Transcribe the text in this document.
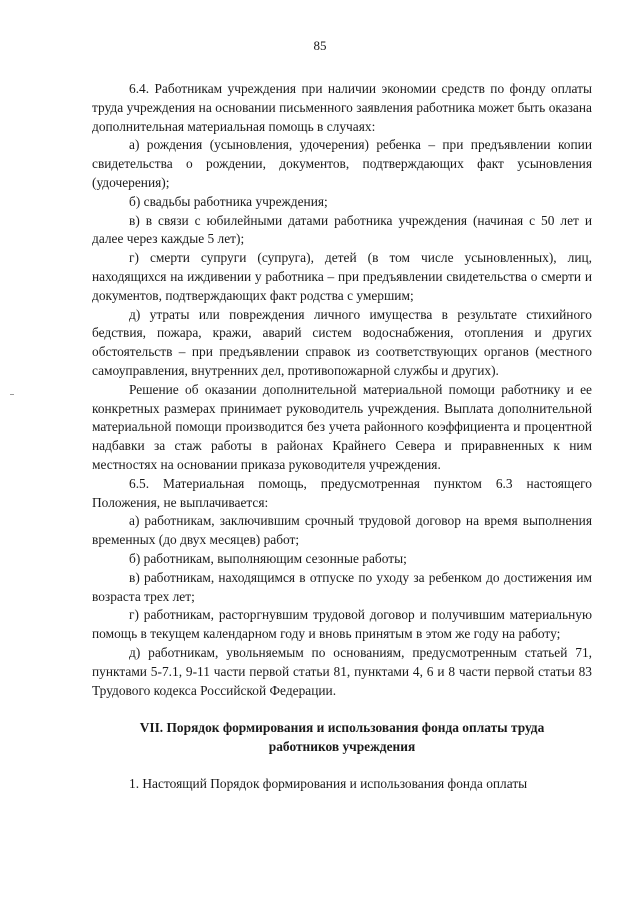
85

6.4. Работникам учреждения при наличии экономии средств по фонду оплаты труда учреждения на основании письменного заявления работника может быть оказана дополнительная материальная помощь в случаях:

а) рождения (усыновления, удочерения) ребенка – при предъявлении копии свидетельства о рождении, документов, подтверждающих факт усыновления (удочерения);

б) свадьбы работника учреждения;

в) в связи с юбилейными датами работника учреждения (начиная с 50 лет и далее через каждые 5 лет);

г) смерти супруги (супруга), детей (в том числе усыновленных), лиц, находящихся на иждивении у работника – при предъявлении свидетельства о смерти и документов, подтверждающих факт родства с умершим;

д) утраты или повреждения личного имущества в результате стихийного бедствия, пожара, кражи, аварий систем водоснабжения, отопления и других обстоятельств – при предъявлении справок из соответствующих органов (местного самоуправления, внутренних дел, противопожарной службы и других).

Решение об оказании дополнительной материальной помощи работнику и ее конкретных размерах принимает руководитель учреждения. Выплата дополнительной материальной помощи производится без учета районного коэффициента и процентной надбавки за стаж работы в районах Крайнего Севера и приравненных к ним местностях на основании приказа руководителя учреждения.

6.5. Материальная помощь, предусмотренная пунктом 6.3 настоящего Положения, не выплачивается:

а) работникам, заключившим срочный трудовой договор на время выполнения временных (до двух месяцев) работ;

б) работникам, выполняющим сезонные работы;

в) работникам, находящимся в отпуске по уходу за ребенком до достижения им возраста трех лет;

г) работникам, расторгнувшим трудовой договор и получившим материальную помощь в текущем календарном году и вновь принятым в этом же году на работу;

д) работникам, увольняемым по основаниям, предусмотренным статьей 71, пунктами 5-7.1, 9-11 части первой статьи 81, пунктами 4, 6 и 8 части первой статьи 83 Трудового кодекса Российской Федерации.

VII. Порядок формирования и использования фонда оплаты труда работников учреждения

1. Настоящий Порядок формирования и использования фонда оплаты
